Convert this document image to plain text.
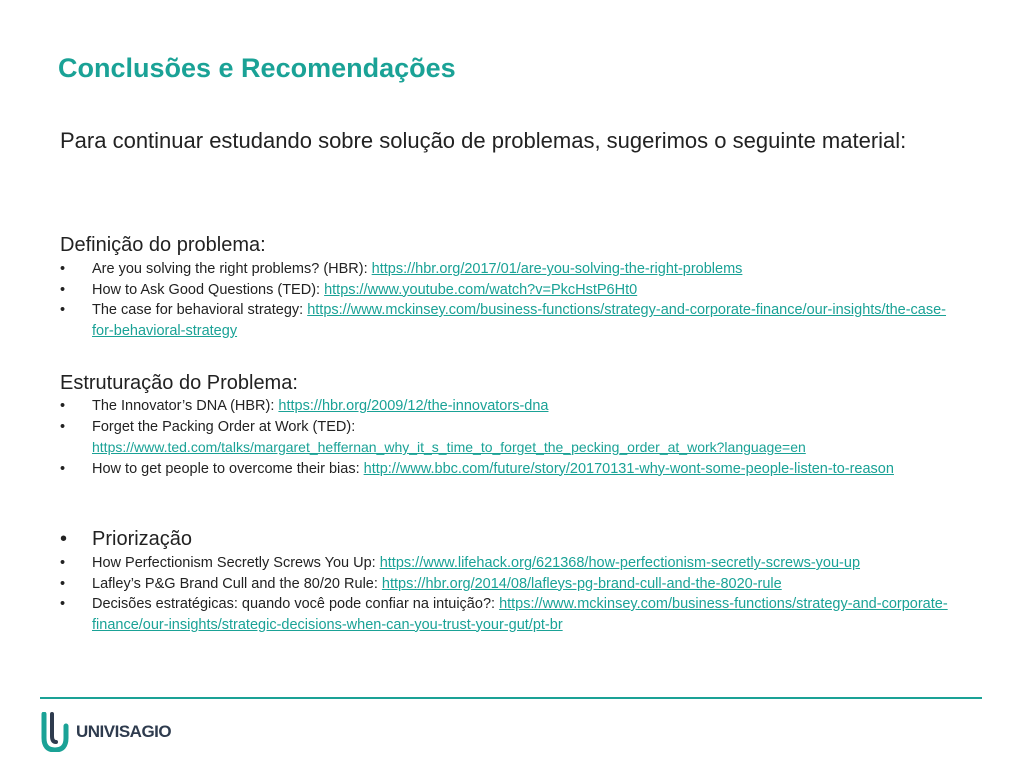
Conclusões e Recomendações
Para continuar estudando sobre solução de problemas, sugerimos o seguinte material:
Definição do problema:
• Are you solving the right problems? (HBR): https://hbr.org/2017/01/are-you-solving-the-right-problems
• How to Ask Good Questions (TED): https://www.youtube.com/watch?v=PkcHstP6Ht0
• The case for behavioral strategy: https://www.mckinsey.com/business-functions/strategy-and-corporate-finance/our-insights/the-case-for-behavioral-strategy
Estruturação do Problema:
• The Innovator’s DNA (HBR): https://hbr.org/2009/12/the-innovators-dna
• Forget the Packing Order at Work (TED):
https://www.ted.com/talks/margaret_heffernan_why_it_s_time_to_forget_the_pecking_order_at_work?language=en
• How to get people to overcome their bias: http://www.bbc.com/future/story/20170131-why-wont-some-people-listen-to-reason
• Priorização
• How Perfectionism Secretly Screws You Up: https://www.lifehack.org/621368/how-perfectionism-secretly-screws-you-up
• Lafley’s P&G Brand Cull and the 80/20 Rule: https://hbr.org/2014/08/lafleys-pg-brand-cull-and-the-8020-rule
• Decisões estratégicas: quando você pode confiar na intuição?: https://www.mckinsey.com/business-functions/strategy-and-corporate-finance/our-insights/strategic-decisions-when-can-you-trust-your-gut/pt-br
UNIVISAGIO
